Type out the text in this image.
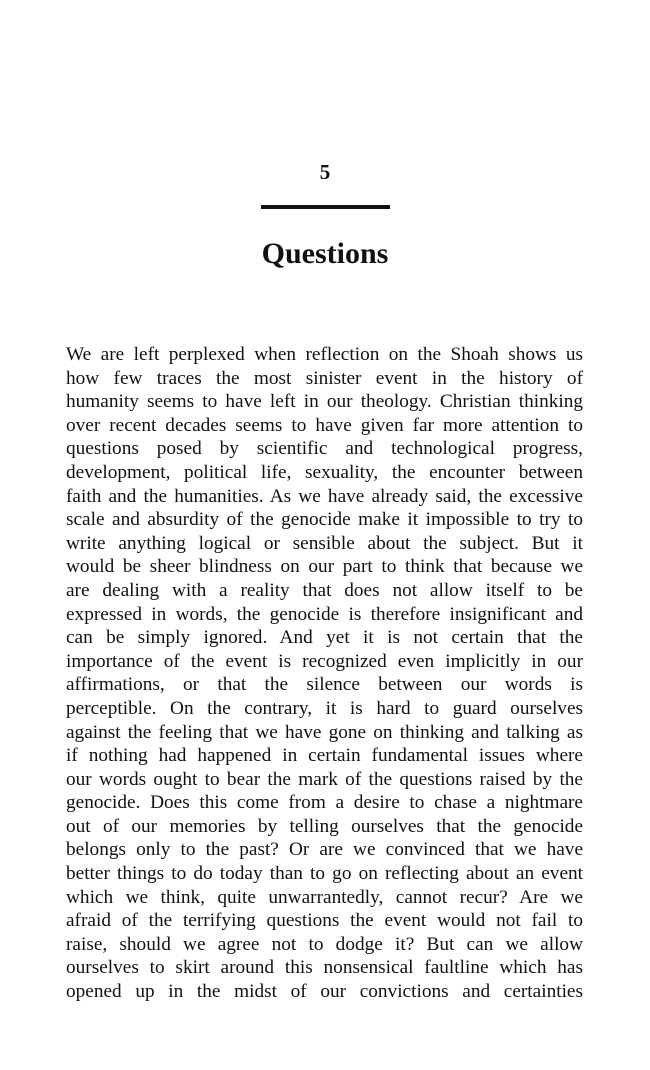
5
Questions
We are left perplexed when reflection on the Shoah shows us
how few traces the most sinister event in the history of
humanity seems to have left in our theology. Christian thinking
over recent decades seems to have given far more attention to
questions posed by scientific and technological progress,
development, political life, sexuality, the encounter between
faith and the humanities. As we have already said, the excessive
scale and absurdity of the genocide make it impossible to try to
write anything logical or sensible about the subject. But it
would be sheer blindness on our part to think that because we
are dealing with a reality that does not allow itself to be
expressed in words, the genocide is therefore insignificant and
can be simply ignored. And yet it is not certain that the
importance of the event is recognized even implicitly in our
affirmations, or that the silence between our words is
perceptible. On the contrary, it is hard to guard ourselves
against the feeling that we have gone on thinking and talking as
if nothing had happened in certain fundamental issues where
our words ought to bear the mark of the questions raised by the
genocide. Does this come from a desire to chase a nightmare
out of our memories by telling ourselves that the genocide
belongs only to the past? Or are we convinced that we have
better things to do today than to go on reflecting about an event
which we think, quite unwarrantedly, cannot recur? Are we
afraid of the terrifying questions the event would not fail to
raise, should we agree not to dodge it? But can we allow
ourselves to skirt around this nonsensical faultline which has
opened up in the midst of our convictions and certainties
